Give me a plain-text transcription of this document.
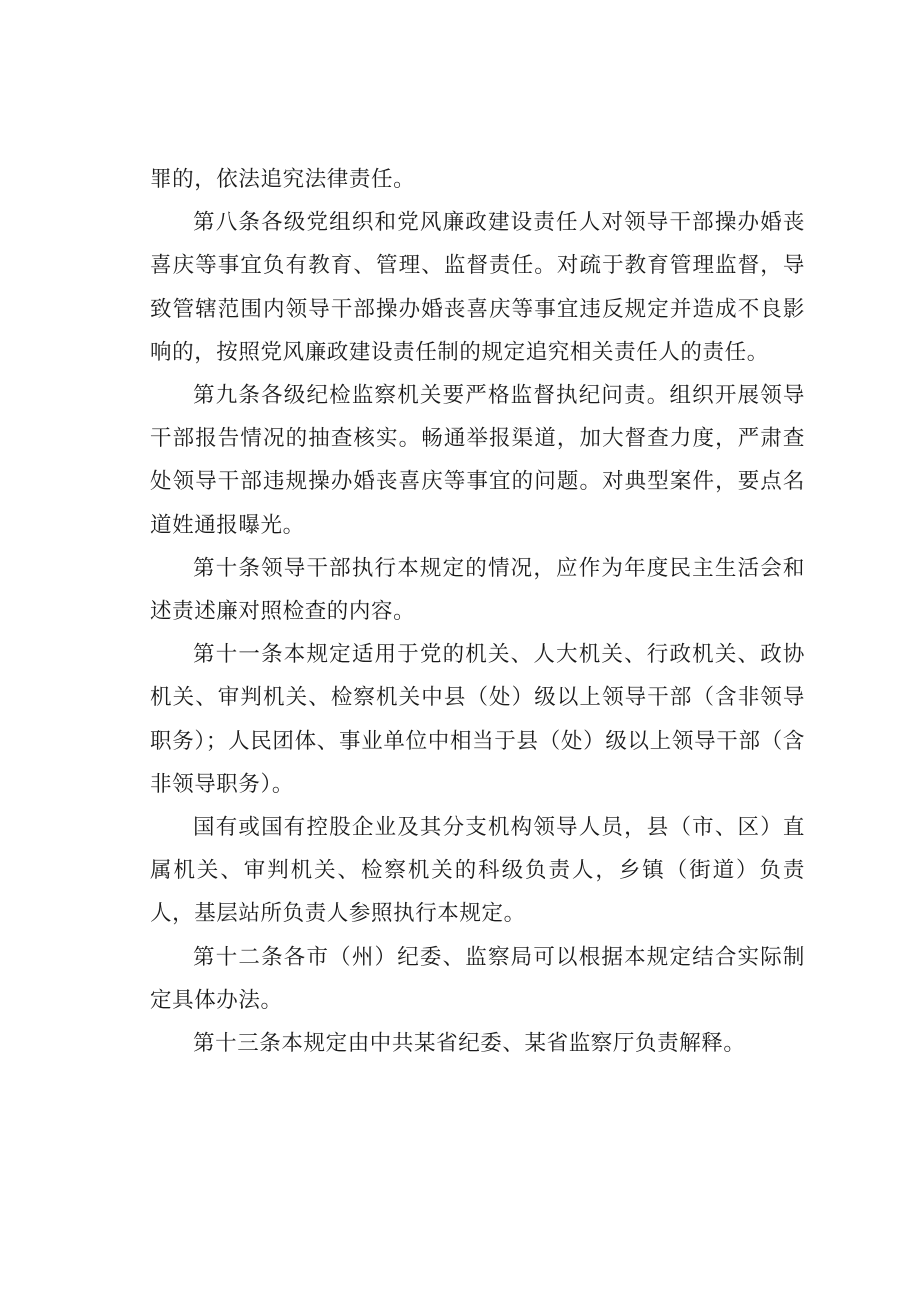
罪的，依法追究法律责任。

第八条各级党组织和党风廉政建设责任人对领导干部操办婚丧喜庆等事宜负有教育、管理、监督责任。对疏于教育管理监督，导致管辖范围内领导干部操办婚丧喜庆等事宜违反规定并造成不良影响的，按照党风廉政建设责任制的规定追究相关责任人的责任。

第九条各级纪检监察机关要严格监督执纪问责。组织开展领导干部报告情况的抽查核实。畅通举报渠道，加大督查力度，严肃查处领导干部违规操办婚丧喜庆等事宜的问题。对典型案件，要点名道姓通报曝光。

第十条领导干部执行本规定的情况，应作为年度民主生活会和述责述廉对照检查的内容。

第十一条本规定适用于党的机关、人大机关、行政机关、政协机关、审判机关、检察机关中县（处）级以上领导干部（含非领导职务）；人民团体、事业单位中相当于县（处）级以上领导干部（含非领导职务）。

国有或国有控股企业及其分支机构领导人员，县（市、区）直属机关、审判机关、检察机关的科级负责人，乡镇（街道）负责人，基层站所负责人参照执行本规定。

第十二条各市（州）纪委、监察局可以根据本规定结合实际制定具体办法。

第十三条本规定由中共某省纪委、某省监察厅负责解释。
